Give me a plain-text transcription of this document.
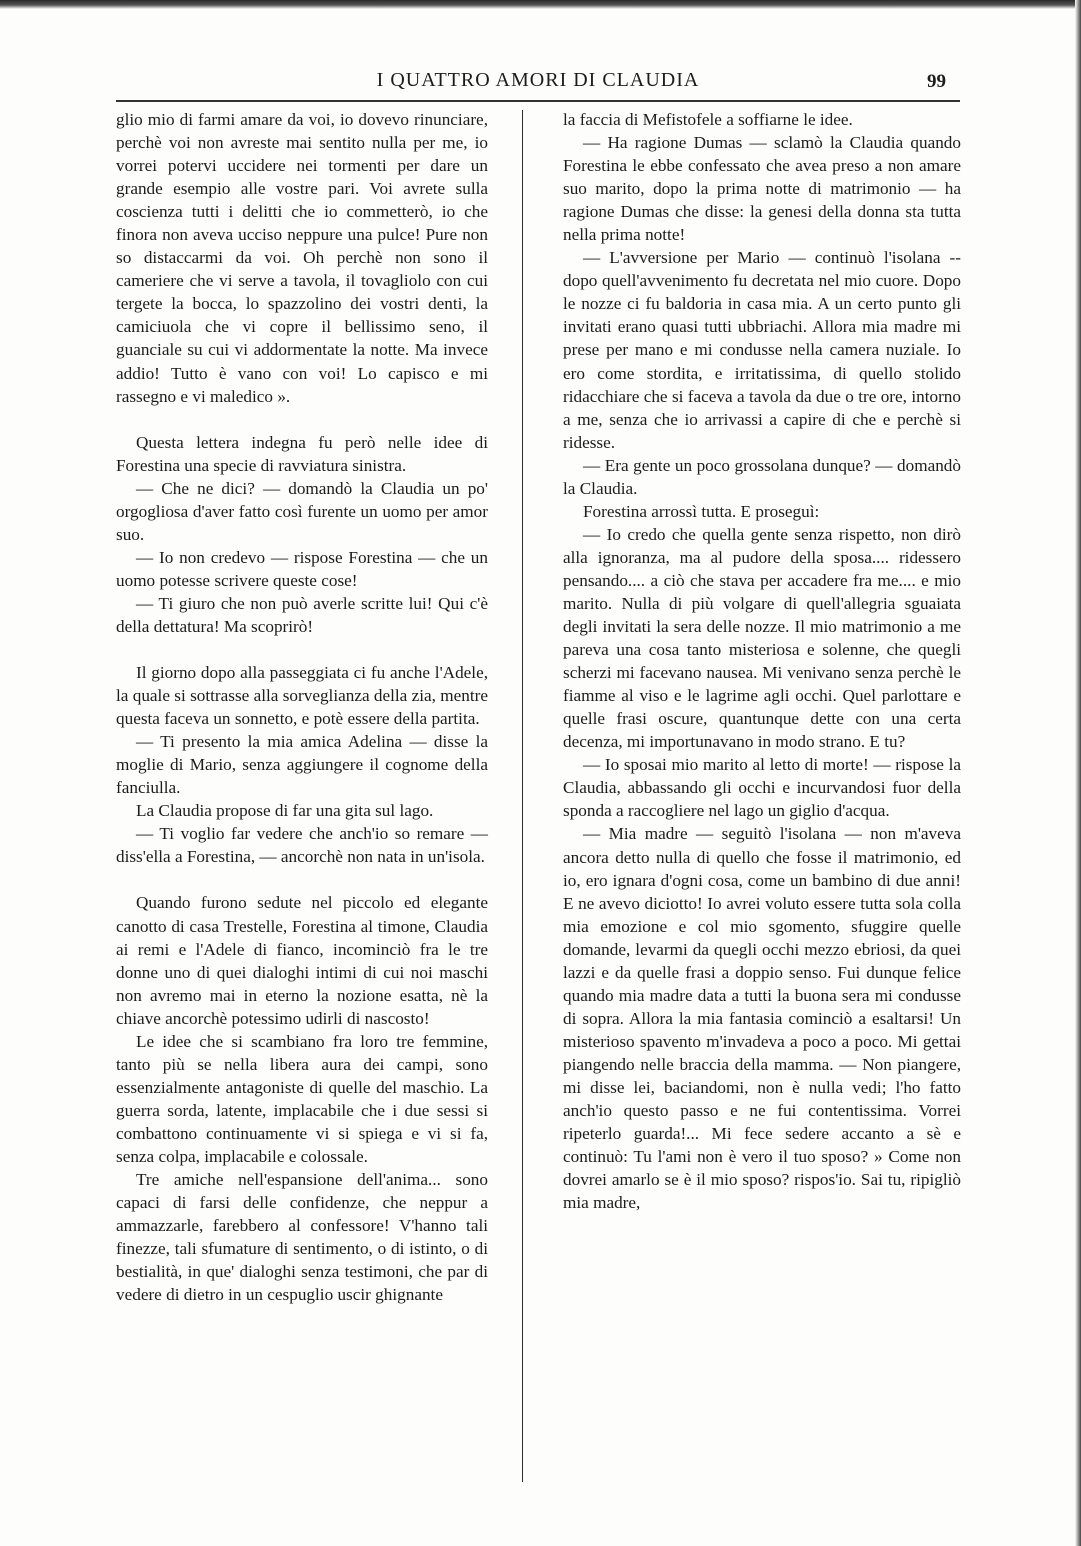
I QUATTRO AMORI DI CLAUDIA	99

glio mio di farmi amare da voi, io dovevo rinunciare, perchè voi non avreste mai sentito nulla per me, io vorrei potervi uccidere nei tormenti per dare un grande esempio alle vostre pari. Voi avrete sulla coscienza tutti i delitti che io commetterò, io che finora non aveva ucciso neppure una pulce! Pure non so distaccarmi da voi. Oh perchè non sono il cameriere che vi serve a tavola, il tovagliolo con cui tergete la bocca, lo spazzolino dei vostri denti, la camiciuola che vi copre il bellissimo seno, il guanciale su cui vi addormentate la notte. Ma invece addio! Tutto è vano con voi! Lo capisco e mi rassegno e vi maledico ».

Questa lettera indegna fu però nelle idee di Forestina una specie di ravviatura sinistra.

— Che ne dici? — domandò la Claudia un po' orgogliosa d'aver fatto così furente un uomo per amor suo.

— Io non credevo — rispose Forestina — che un uomo potesse scrivere queste cose!

— Ti giuro che non può averle scritte lui! Qui c'è della dettatura! Ma scoprirò!

Il giorno dopo alla passeggiata ci fu anche l'Adele, la quale si sottrasse alla sorveglianza della zia, mentre questa faceva un sonnetto, e potè essere della partita.

— Ti presento la mia amica Adelina — disse la moglie di Mario, senza aggiungere il cognome della fanciulla.

La Claudia propose di far una gita sul lago.

— Ti voglio far vedere che anch'io so remare — diss'ella a Forestina, — ancorchè non nata in un'isola.

Quando furono sedute nel piccolo ed elegante canotto di casa Trestelle, Forestina al timone, Claudia ai remi e l'Adele di fianco, incominciò fra le tre donne uno di quei dialoghi intimi di cui noi maschi non avremo mai in eterno la nozione esatta, nè la chiave ancorchè potessimo udirli di nascosto!

Le idee che si scambiano fra loro tre femmine, tanto più se nella libera aura dei campi, sono essenzialmente antagoniste di quelle del maschio. La guerra sorda, latente, implacabile che i due sessi si combattono continuamente vi si spiega e vi si fa, senza colpa, implacabile e colossale.

Tre amiche nell'espansione dell'anima... sono capaci di farsi delle confidenze, che neppur a ammazzarle, farebbero al confessore! V'hanno tali finezze, tali sfumature di sentimento, o di istinto, o di bestialità, in que' dialoghi senza testimoni, che par di vedere di dietro in un cespuglio uscir ghignante

la faccia di Mefistofele a soffiarne le idee.

— Ha ragione Dumas — sclamò la Claudia quando Forestina le ebbe confessato che avea preso a non amare suo marito, dopo la prima notte di matrimonio — ha ragione Dumas che disse: la genesi della donna sta tutta nella prima notte!

— L'avversione per Mario — continuò l'isolana -- dopo quell'avvenimento fu decretata nel mio cuore. Dopo le nozze ci fu baldoria in casa mia. A un certo punto gli invitati erano quasi tutti ubbriachi. Allora mia madre mi prese per mano e mi condusse nella camera nuziale. Io ero come stordita, e irritatissima, di quello stolido ridacchiare che si faceva a tavola da due o tre ore, intorno a me, senza che io arrivassi a capire di che e perchè si ridesse.

— Era gente un poco grossolana dunque? — domandò la Claudia.

Forestina arrossì tutta. E proseguì:

— Io credo che quella gente senza rispetto, non dirò alla ignoranza, ma al pudore della sposa.... ridessero pensando.... a ciò che stava per accadere fra me.... e mio marito. Nulla di più volgare di quell'allegria sguaiata degli invitati la sera delle nozze. Il mio matrimonio a me pareva una cosa tanto misteriosa e solenne, che quegli scherzi mi facevano nausea. Mi venivano senza perchè le fiamme al viso e le lagrime agli occhi. Quel parlottare e quelle frasi oscure, quantunque dette con una certa decenza, mi importunavano in modo strano. E tu?

— Io sposai mio marito al letto di morte! — rispose la Claudia, abbassando gli occhi e incurvandosi fuor della sponda a raccogliere nel lago un giglio d'acqua.

— Mia madre — seguitò l'isolana — non m'aveva ancora detto nulla di quello che fosse il matrimonio, ed io, ero ignara d'ogni cosa, come un bambino di due anni! E ne avevo diciotto! Io avrei voluto essere tutta sola colla mia emozione e col mio sgomento, sfuggire quelle domande, levarmi da quegli occhi mezzo ebriosi, da quei lazzi e da quelle frasi a doppio senso. Fui dunque felice quando mia madre data a tutti la buona sera mi condusse di sopra. Allora la mia fantasia cominciò a esaltarsi! Un misterioso spavento m'invadeva a poco a poco. Mi gettai piangendo nelle braccia della mamma. — Non piangere, mi disse lei, baciandomi, non è nulla vedi; l'ho fatto anch'io questo passo e ne fui contentissima. Vorrei ripeterlo guarda!... Mi fece sedere accanto a sè e continuò: Tu l'ami non è vero il tuo sposo? » Come non dovrei amarlo se è il mio sposo? rispos'io. Sai tu, ripigliò mia madre,
